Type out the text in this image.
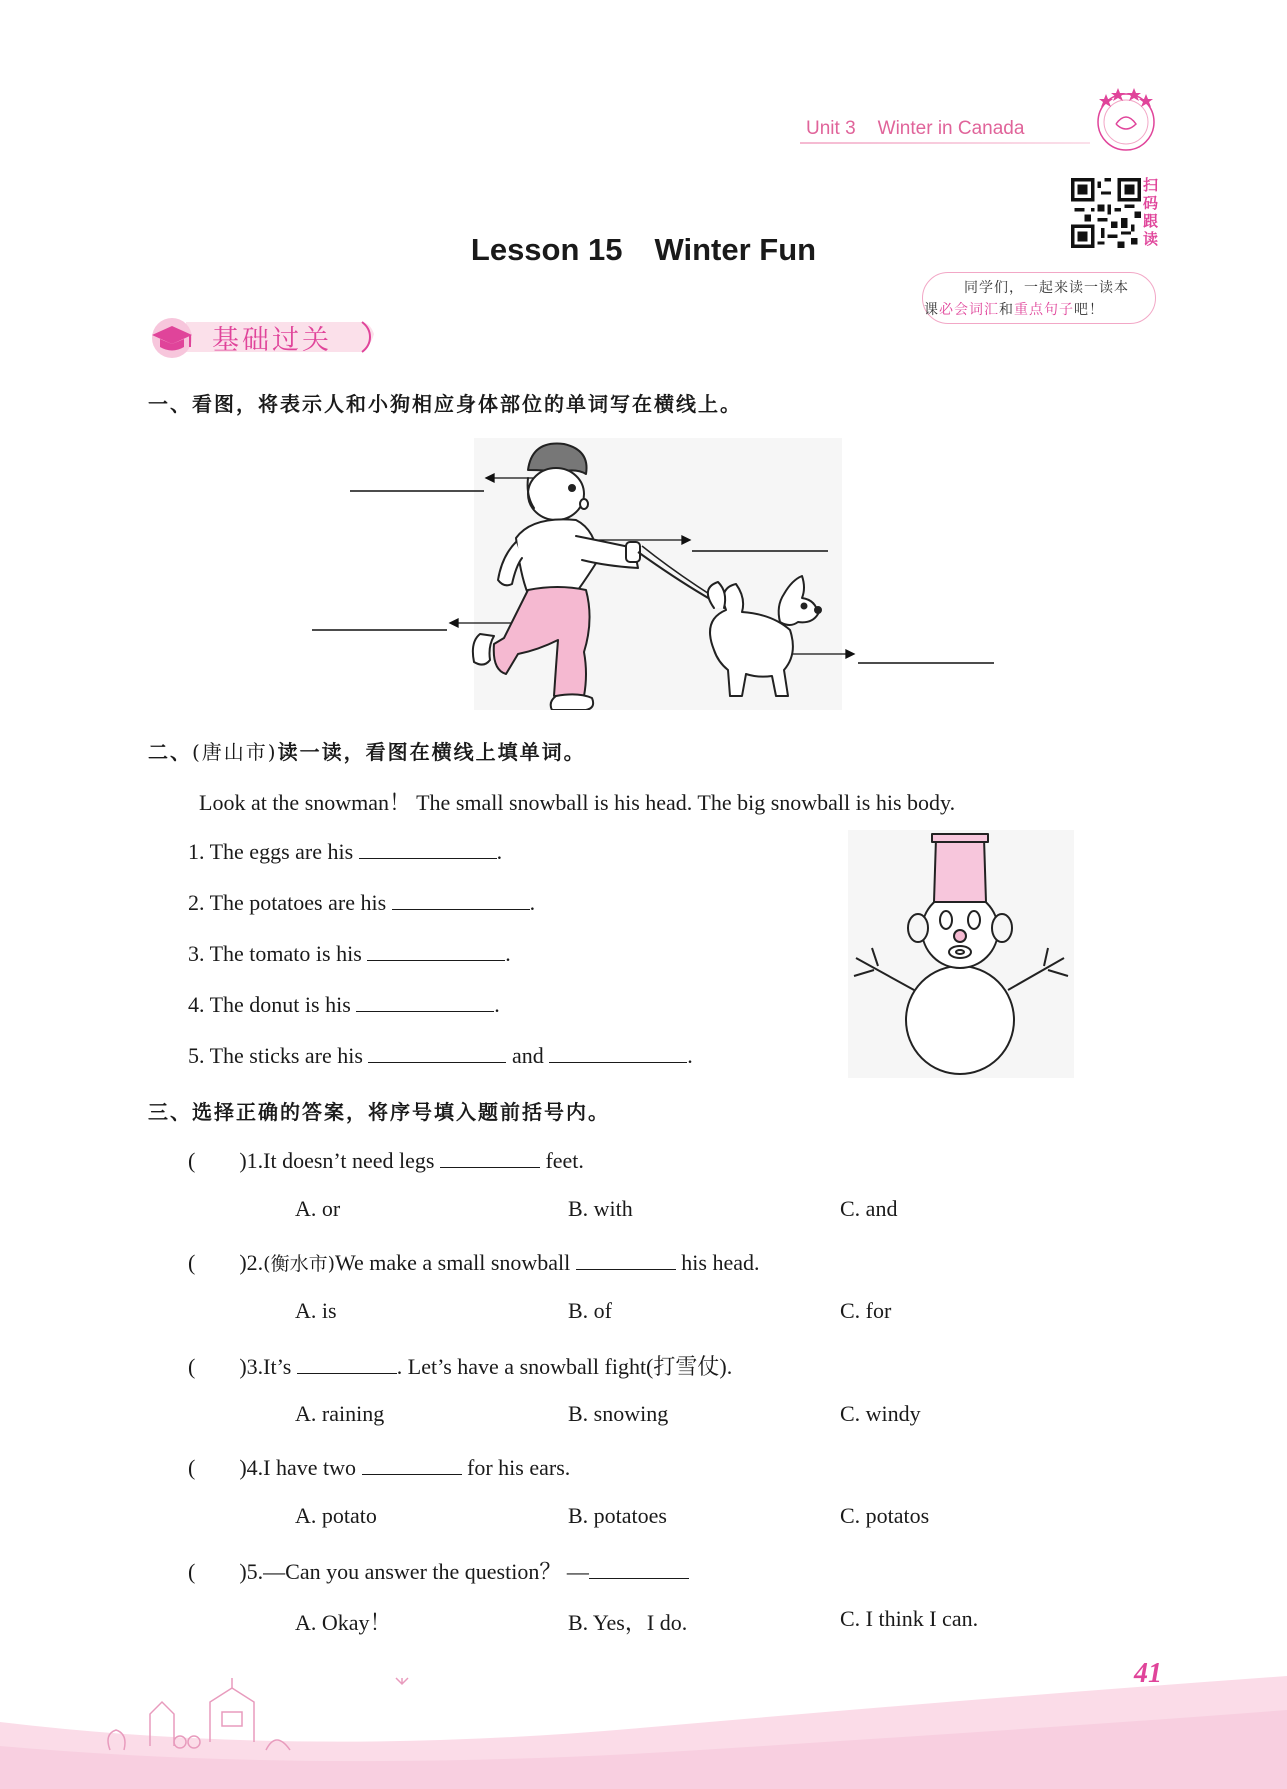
Unit 3 Winter in Canada
扫码跟读
同学们，一起来读一读本
课必会词汇和重点句子吧！
Lesson 15 Winter Fun
基础过关
一、看图，将表示人和小狗相应身体部位的单词写在横线上。
二、(唐山市)读一读，看图在横线上填单词。
Look at the snowman！ The small snowball is his head. The big snowball is his body.
1. The eggs are his	.
2. The potatoes are his	.
3. The tomato is his	.
4. The donut is his	.
5. The sticks are his	and	.
三、选择正确的答案，将序号填入题前括号内。
(        )1.It doesn’t need legs	feet.
A. or	B. with	C. and
(        )2.(衡水市)We make a small snowball	his head.
A. is	B. of	C. for
(        )3.It’s	. Let’s have a snowball fight(打雪仗).
A. raining	B. snowing	C. windy
(        )4.I have two	for his ears.
A. potato	B. potatoes	C. potatos
(        )5.—Can you answer the question？ —
A. Okay！	B. Yes，I do.	C. I think I can.
41
